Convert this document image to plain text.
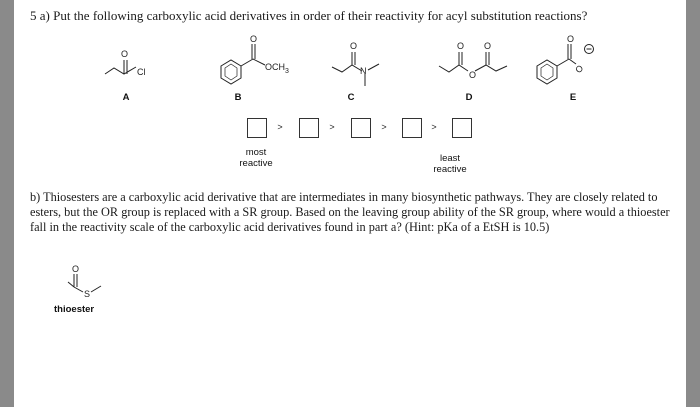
5 a) Put the following carboxylic acid derivatives in order of their reactivity for acyl substitution reactions?
O
Cl
O
$OCH_3$
O
N
O O
O
O
O
O
S
A	B	C	D	E
>	>	>	>
most
reactive	least
reactive
b) Thiosesters are a carboxylic acid derivative that are intermediates in many biosynthetic pathways. They are closely related to esters, but the OR group is replaced with a SR group. Based on the leaving group ability of the SR group, where would a thioester fall in the reactivity scale of the carboxylic acid derivatives found in part a? (Hint: pKa of a EtSH is 10.5)
thioester
